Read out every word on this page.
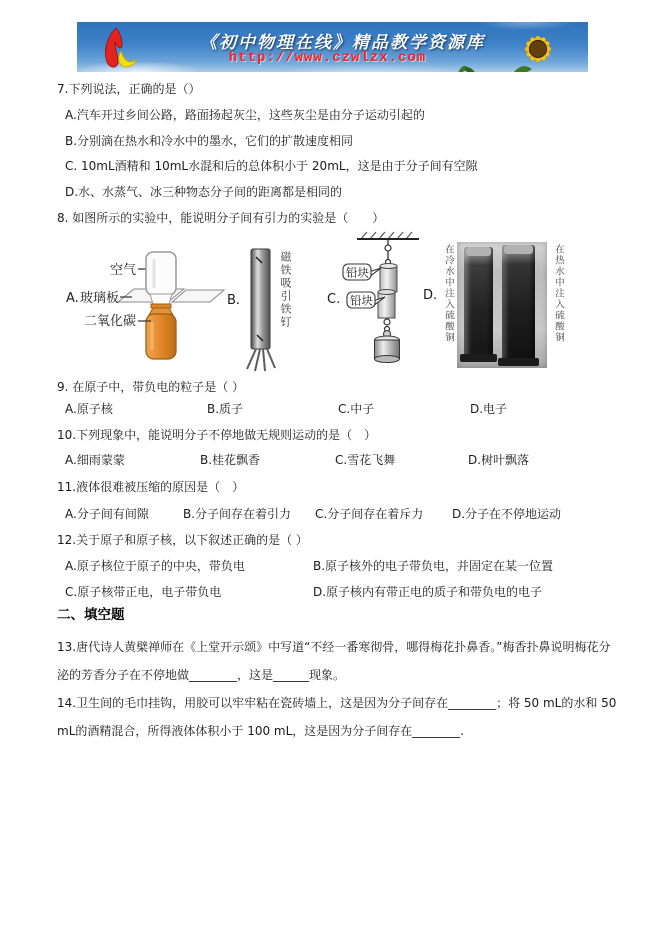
《初中物理在线》精品教学资源库
http://www.czwlzx.com
7.下列说法，正确的是（）
A.汽车开过乡间公路，路面扬起灰尘，这些灰尘是由分子运动引起的
B.分别滴在热水和冷水中的墨水，它们的扩散速度相同
C. 10mL酒精和 10mL水混和后的总体积小于 20mL，这是由于分子间有空隙
D.水、水蒸气、冰三种物态分子间的距离都是相同的
8. 如图所示的实验中，能说明分子间有引力的实验是（　　）
空气
A. 玻璃板
二氧化碳
B.	磁铁吸引铁钉	铅块
铅块
C.	D. 在冷水中注入硫酸铜	在热水中注入硫酸铜
9. 在原子中，带负电的粒子是（ ）
A.原子核	B.质子	C.中子	D.电子
10.下列现象中，能说明分子不停地做无规则运动的是（　）
A.细雨蒙蒙	B.桂花飘香	C.雪花飞舞	D.树叶飘落
11.液体很难被压缩的原因是（　）
A.分子间有间隙	B.分子间存在着引力 C.分子间存在着斥力 D.分子在不停地运动
12.关于原子和原子核，以下叙述正确的是（ ）
A.原子核位于原子的中央，带负电	B.原子核外的电子带负电，并固定在某一位置
C.原子核带正电，电子带负电	D.原子核内有带正电的质子和带负电的电子
二、填空题
13.唐代诗人黄檗禅师在《上堂开示颂》中写道“不经一番寒彻骨，哪得梅花扑鼻香。”梅香扑鼻说明梅花分
泌的芳香分子在不停地做________，这是______现象。
14.卫生间的毛巾挂钩，用胶可以牢牢粘在瓷砖墙上，这是因为分子间存在________；将 50 mL的水和 50
mL的酒精混合，所得液体体积小于 100 mL，这是因为分子间存在________.
